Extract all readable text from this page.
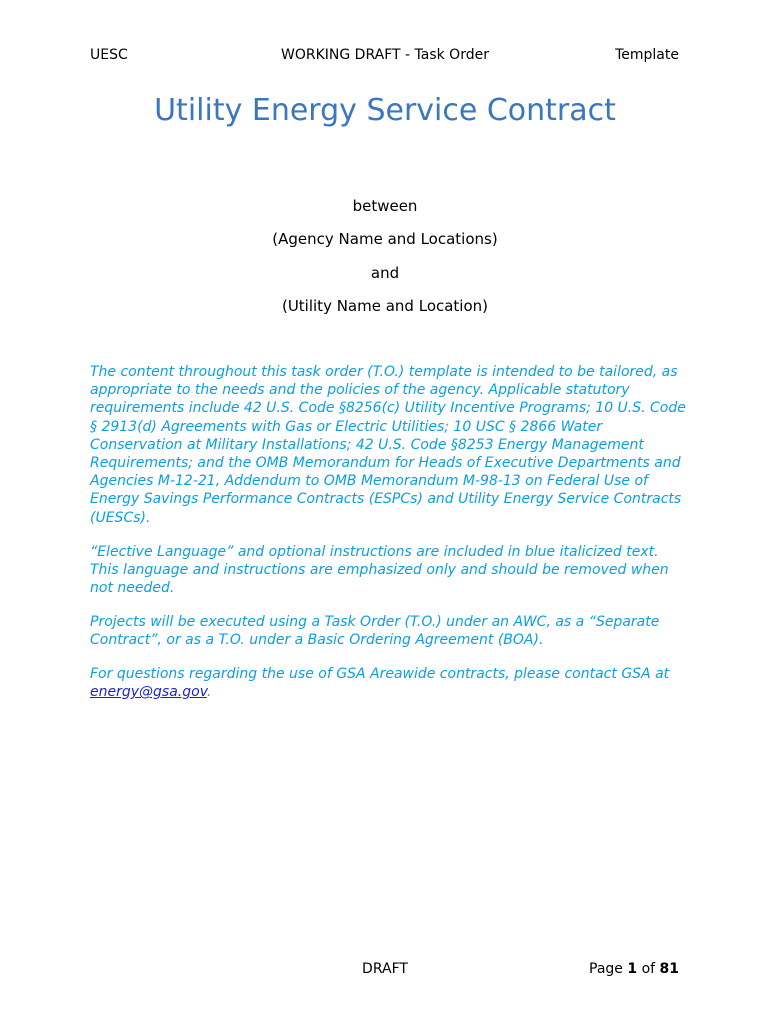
UESC	WORKING DRAFT - Task Order	Template
Utility Energy Service Contract
between
(Agency Name and Locations)
and
(Utility Name and Location)
The content throughout this task order (T.O.) template is intended to be tailored, as appropriate to the needs and the policies of the agency. Applicable statutory requirements include 42 U.S. Code §8256(c) Utility Incentive Programs; 10 U.S. Code § 2913(d) Agreements with Gas or Electric Utilities; 10 USC § 2866 Water Conservation at Military Installations; 42 U.S. Code §8253 Energy Management Requirements; and the OMB Memorandum for Heads of Executive Departments and Agencies M-12-21, Addendum to OMB Memorandum M-98-13 on Federal Use of Energy Savings Performance Contracts (ESPCs) and Utility Energy Service Contracts (UESCs).
“Elective Language” and optional instructions are included in blue italicized text. This language and instructions are emphasized only and should be removed when not needed.
Projects will be executed using a Task Order (T.O.) under an AWC, as a “Separate Contract”, or as a T.O. under a Basic Ordering Agreement (BOA).
For questions regarding the use of GSA Areawide contracts, please contact GSA at energy@gsa.gov.
DRAFT	Page 1 of 81
